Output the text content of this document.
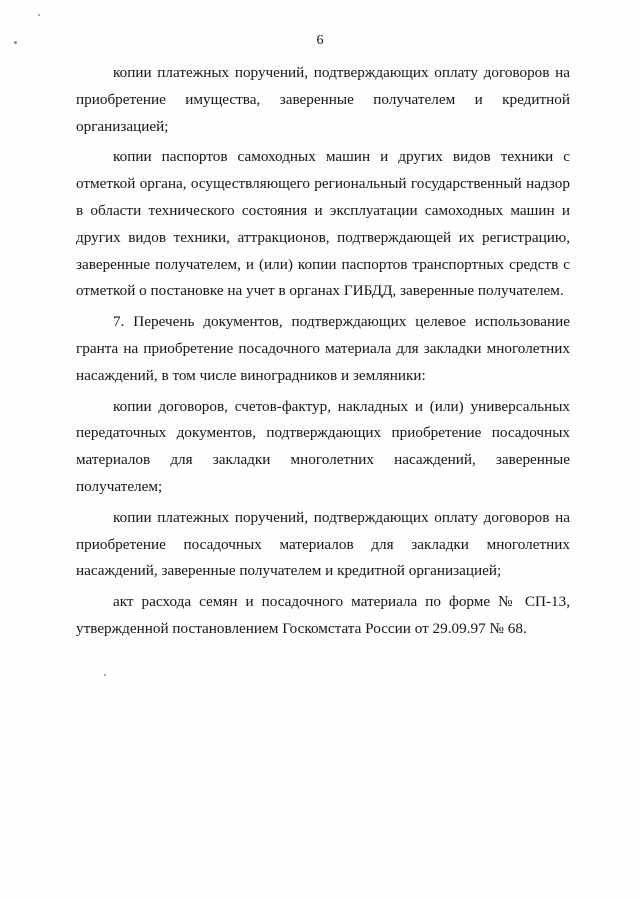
6

копии платежных поручений, подтверждающих оплату договоров на приобретение имущества, заверенные получателем и кредитной организацией;

копии паспортов самоходных машин и других видов техники с отметкой органа, осуществляющего региональный государственный надзор в области технического состояния и эксплуатации самоходных машин и других видов техники, аттракционов, подтверждающей их регистрацию, заверенные получателем, и (или) копии паспортов транспортных средств с отметкой о постановке на учет в органах ГИБДД, заверенные получателем.

7. Перечень документов, подтверждающих целевое использование гранта на приобретение посадочного материала для закладки многолетних насаждений, в том числе виноградников и земляники:

копии договоров, счетов-фактур, накладных и (или) универсальных передаточных документов, подтверждающих приобретение посадочных материалов для закладки многолетних насаждений, заверенные получателем;

копии платежных поручений, подтверждающих оплату договоров на приобретение посадочных материалов для закладки многолетних насаждений, заверенные получателем и кредитной организацией;

акт расхода семян и посадочного материала по форме № СП-13, утвержденной постановлением Госкомстата России от 29.09.97 № 68.
